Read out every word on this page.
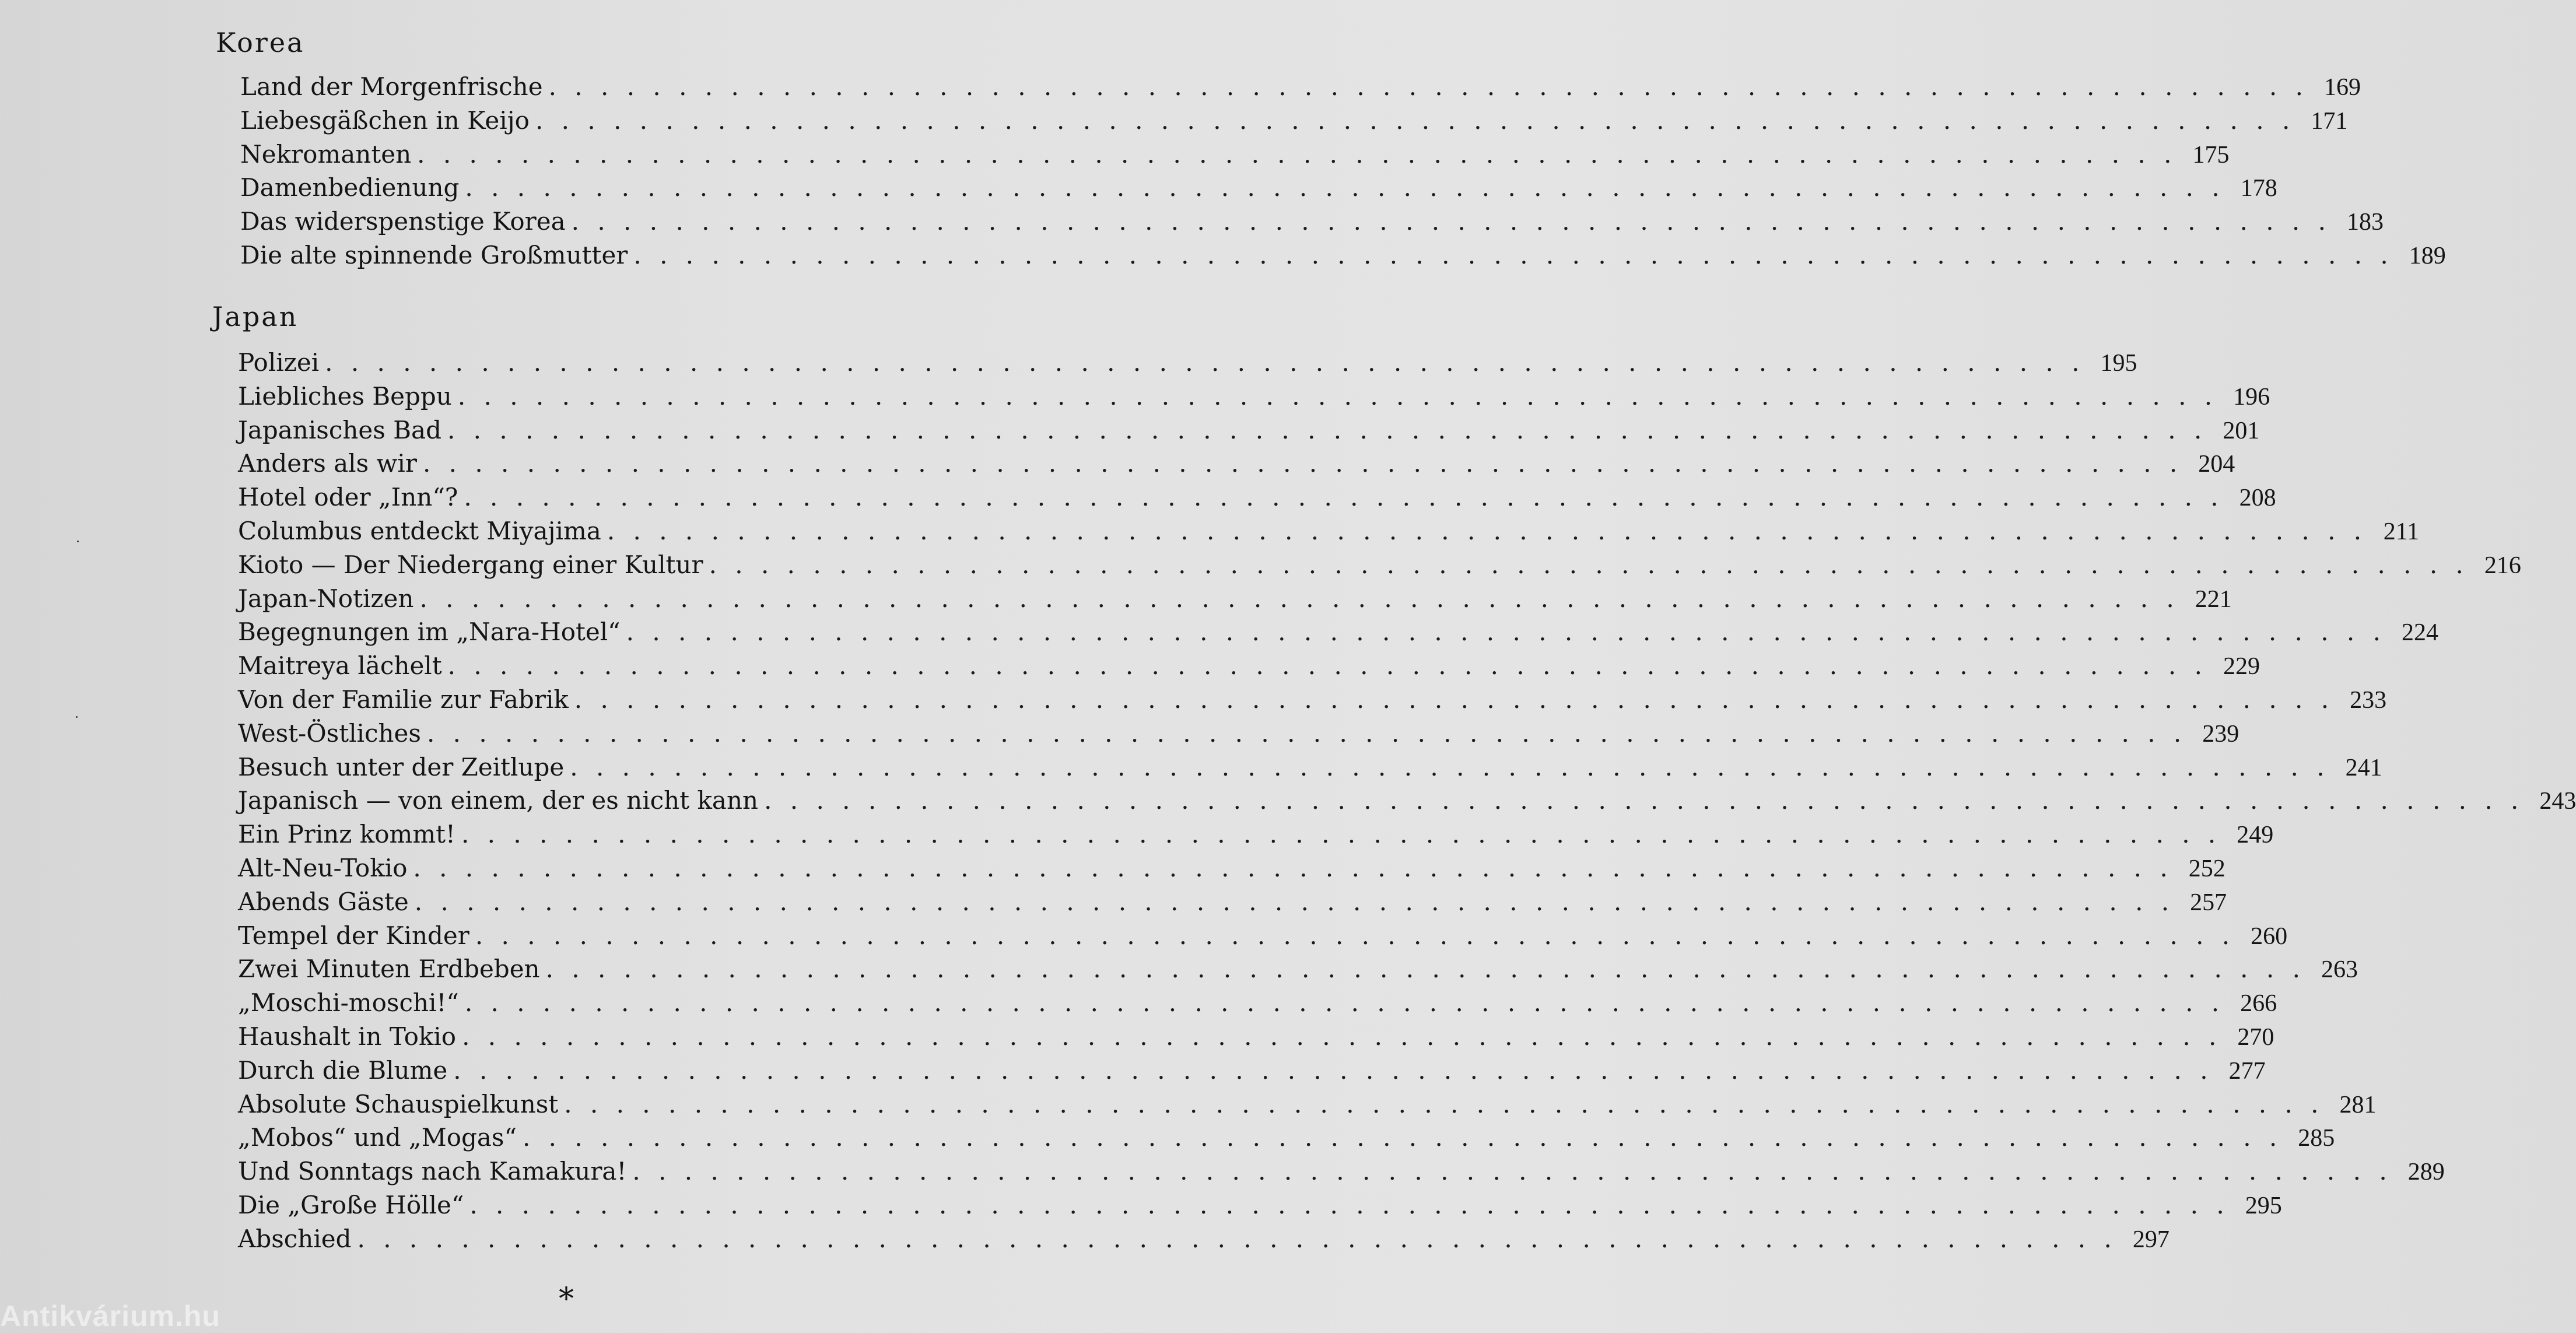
Korea
Land der Morgenfrische . . . . . . . . . . . . . . . . . . . . . . . . . . . . . . . . . . . . . . . . . . . . . . . . . . . . . . . . . . . . . . . . . . . . 169
Liebesgäßchen in Keijo . . . . . . . . . . . . . . . . . . . . . . . . . . . . . . . . . . . . . . . . . . . . . . . . . . . . . . . . . . . . . . . . . . . . 171
Nekromanten . . . . . . . . . . . . . . . . . . . . . . . . . . . . . . . . . . . . . . . . . . . . . . . . . . . . . . . . . . . . . . . . . . . . 175
Damenbedienung . . . . . . . . . . . . . . . . . . . . . . . . . . . . . . . . . . . . . . . . . . . . . . . . . . . . . . . . . . . . . . . . . . . . 178
Das widerspenstige Korea . . . . . . . . . . . . . . . . . . . . . . . . . . . . . . . . . . . . . . . . . . . . . . . . . . . . . . . . . . . . . . . . . . . . 183
Die alte spinnende Großmutter . . . . . . . . . . . . . . . . . . . . . . . . . . . . . . . . . . . . . . . . . . . . . . . . . . . . . . . . . . . . . . . . . . . . 189
Japan
Polizei . . . . . . . . . . . . . . . . . . . . . . . . . . . . . . . . . . . . . . . . . . . . . . . . . . . . . . . . . . . . . . . . . . . . 195
Liebliches Beppu . . . . . . . . . . . . . . . . . . . . . . . . . . . . . . . . . . . . . . . . . . . . . . . . . . . . . . . . . . . . . . . . . . . . 196
Japanisches Bad . . . . . . . . . . . . . . . . . . . . . . . . . . . . . . . . . . . . . . . . . . . . . . . . . . . . . . . . . . . . . . . . . . . . 201
Anders als wir . . . . . . . . . . . . . . . . . . . . . . . . . . . . . . . . . . . . . . . . . . . . . . . . . . . . . . . . . . . . . . . . . . . . 204
Hotel oder „Inn“? . . . . . . . . . . . . . . . . . . . . . . . . . . . . . . . . . . . . . . . . . . . . . . . . . . . . . . . . . . . . . . . . . . . . 208
Columbus entdeckt Miyajima . . . . . . . . . . . . . . . . . . . . . . . . . . . . . . . . . . . . . . . . . . . . . . . . . . . . . . . . . . . . . . . . . . . . 211
Kioto — Der Niedergang einer Kultur . . . . . . . . . . . . . . . . . . . . . . . . . . . . . . . . . . . . . . . . . . . . . . . . . . . . . . . . . . . . . . . . . . . . 216
Japan-Notizen . . . . . . . . . . . . . . . . . . . . . . . . . . . . . . . . . . . . . . . . . . . . . . . . . . . . . . . . . . . . . . . . . . . . 221
Begegnungen im „Nara-Hotel“ . . . . . . . . . . . . . . . . . . . . . . . . . . . . . . . . . . . . . . . . . . . . . . . . . . . . . . . . . . . . . . . . . . . . 224
Maitreya lächelt . . . . . . . . . . . . . . . . . . . . . . . . . . . . . . . . . . . . . . . . . . . . . . . . . . . . . . . . . . . . . . . . . . . . 229
Von der Familie zur Fabrik . . . . . . . . . . . . . . . . . . . . . . . . . . . . . . . . . . . . . . . . . . . . . . . . . . . . . . . . . . . . . . . . . . . . 233
West-Östliches . . . . . . . . . . . . . . . . . . . . . . . . . . . . . . . . . . . . . . . . . . . . . . . . . . . . . . . . . . . . . . . . . . . . 239
Besuch unter der Zeitlupe . . . . . . . . . . . . . . . . . . . . . . . . . . . . . . . . . . . . . . . . . . . . . . . . . . . . . . . . . . . . . . . . . . . . 241
Japanisch — von einem, der es nicht kann . . . . . . . . . . . . . . . . . . . . . . . . . . . . . . . . . . . . . . . . . . . . . . . . . . . . . . . . . . . . . . . . . . . . 243
Ein Prinz kommt! . . . . . . . . . . . . . . . . . . . . . . . . . . . . . . . . . . . . . . . . . . . . . . . . . . . . . . . . . . . . . . . . . . . . 249
Alt-Neu-Tokio . . . . . . . . . . . . . . . . . . . . . . . . . . . . . . . . . . . . . . . . . . . . . . . . . . . . . . . . . . . . . . . . . . . . 252
Abends Gäste . . . . . . . . . . . . . . . . . . . . . . . . . . . . . . . . . . . . . . . . . . . . . . . . . . . . . . . . . . . . . . . . . . . . 257
Tempel der Kinder . . . . . . . . . . . . . . . . . . . . . . . . . . . . . . . . . . . . . . . . . . . . . . . . . . . . . . . . . . . . . . . . . . . . 260
Zwei Minuten Erdbeben . . . . . . . . . . . . . . . . . . . . . . . . . . . . . . . . . . . . . . . . . . . . . . . . . . . . . . . . . . . . . . . . . . . . 263
„Moschi-moschi!“ . . . . . . . . . . . . . . . . . . . . . . . . . . . . . . . . . . . . . . . . . . . . . . . . . . . . . . . . . . . . . . . . . . . . 266
Haushalt in Tokio . . . . . . . . . . . . . . . . . . . . . . . . . . . . . . . . . . . . . . . . . . . . . . . . . . . . . . . . . . . . . . . . . . . . 270
Durch die Blume . . . . . . . . . . . . . . . . . . . . . . . . . . . . . . . . . . . . . . . . . . . . . . . . . . . . . . . . . . . . . . . . . . . . 277
Absolute Schauspielkunst . . . . . . . . . . . . . . . . . . . . . . . . . . . . . . . . . . . . . . . . . . . . . . . . . . . . . . . . . . . . . . . . . . . . 281
„Mobos“ und „Mogas“ . . . . . . . . . . . . . . . . . . . . . . . . . . . . . . . . . . . . . . . . . . . . . . . . . . . . . . . . . . . . . . . . . . . . 285
Und Sonntags nach Kamakura! . . . . . . . . . . . . . . . . . . . . . . . . . . . . . . . . . . . . . . . . . . . . . . . . . . . . . . . . . . . . . . . . . . . . 289
Die „Große Hölle“ . . . . . . . . . . . . . . . . . . . . . . . . . . . . . . . . . . . . . . . . . . . . . . . . . . . . . . . . . . . . . . . . . . . . 295
Abschied . . . . . . . . . . . . . . . . . . . . . . . . . . . . . . . . . . . . . . . . . . . . . . . . . . . . . . . . . . . . . . . . . . . . 297
*
Antikvárium.hu
